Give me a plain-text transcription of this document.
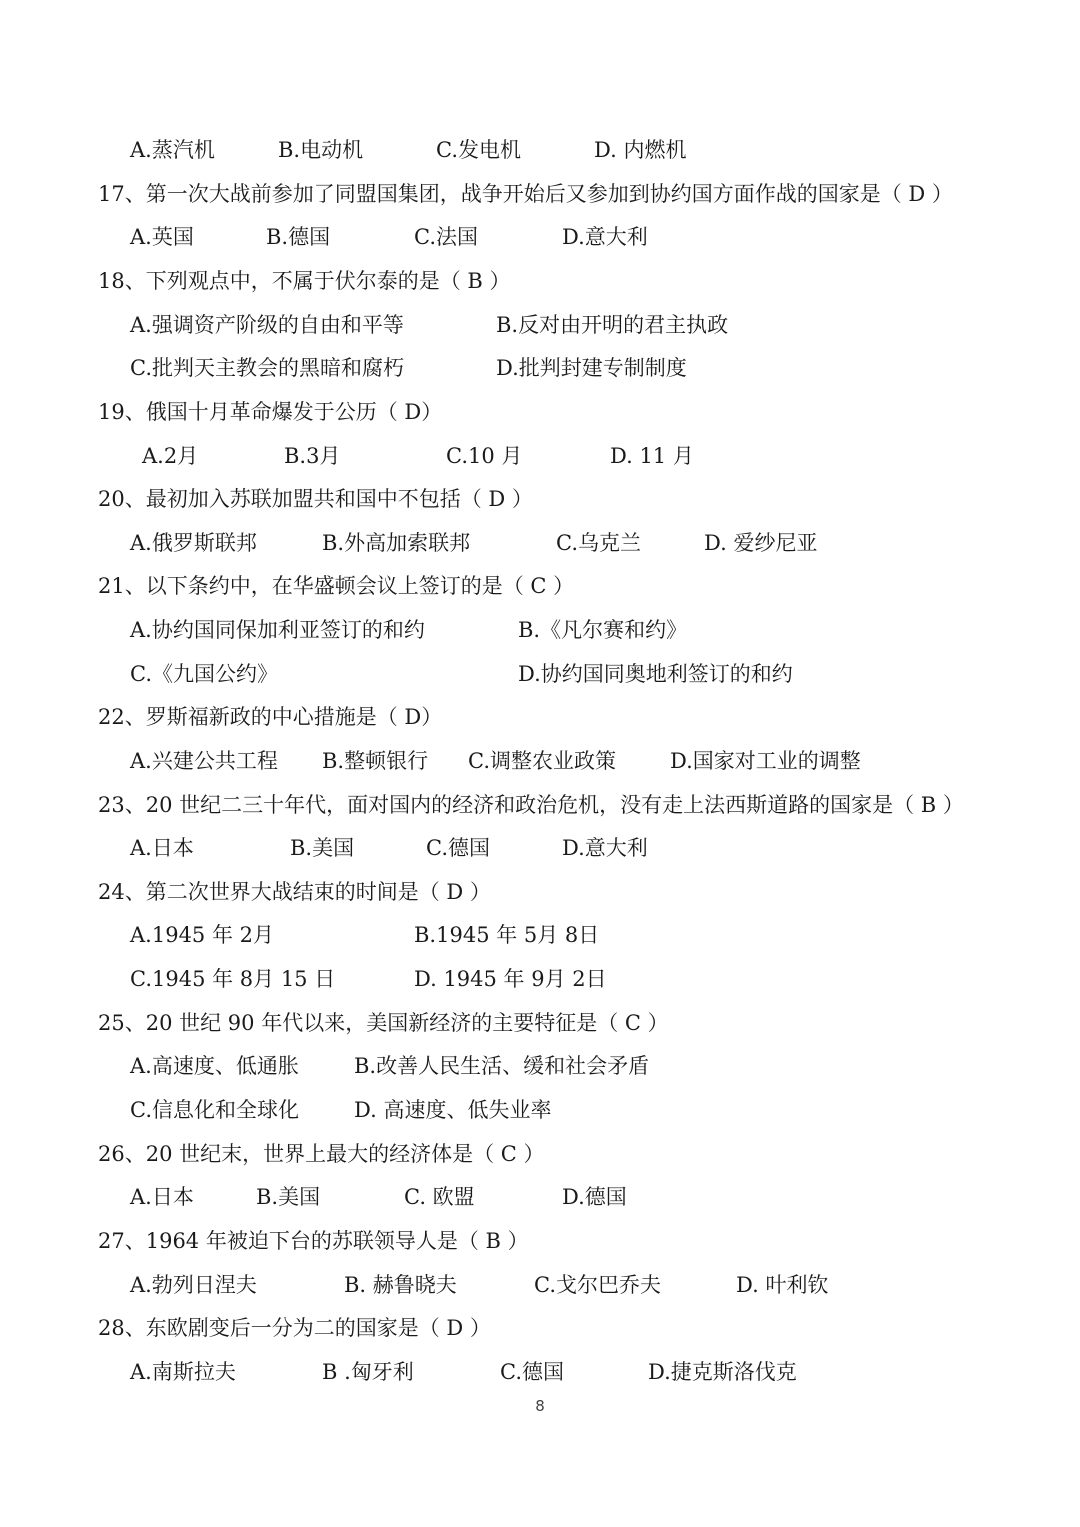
A.蒸汽机	B.电动机	C.发电机	D. 内燃机
17、第一次大战前参加了同盟国集团，战争开始后又参加到协约国方面作战的国家是（ D ）
A.英国	B.德国	C.法国	D.意大利
18、下列观点中，不属于伏尔泰的是（ B ）
A.强调资产阶级的自由和平等	B.反对由开明的君主执政
C.批判天主教会的黑暗和腐朽	D.批判封建专制制度
19、俄国十月革命爆发于公历（ D）
A.2月	B.3月	C.10 月	D. 11 月
20、最初加入苏联加盟共和国中不包括（ D ）
A.俄罗斯联邦	B.外高加索联邦	C.乌克兰	D. 爱纱尼亚
21、以下条约中，在华盛顿会议上签订的是（ C ）
A.协约国同保加利亚签订的和约	B.《凡尔赛和约》
C.《九国公约》	D.协约国同奥地利签订的和约
22、罗斯福新政的中心措施是（ D）
A.兴建公共工程 B.整顿银行 C.调整农业政策	D.国家对工业的调整
23、20 世纪二三十年代，面对国内的经济和政治危机，没有走上法西斯道路的国家是（ B ）
A.日本	B.美国	C.德国	D.意大利
24、第二次世界大战结束的时间是（ D ）
A.1945 年 2月	B.1945 年 5月 8日
C.1945 年 8月 15 日	D. 1945 年 9月 2日
25、20 世纪 90 年代以来，美国新经济的主要特征是（ C ）
A.高速度、低通胀	B.改善人民生活、缓和社会矛盾
C.信息化和全球化	D. 高速度、低失业率
26、20 世纪末，世界上最大的经济体是（ C ）
A.日本	B.美国	C. 欧盟	D.德国
27、1964 年被迫下台的苏联领导人是（ B ）
A.勃列日涅夫	B. 赫鲁晓夫	C.戈尔巴乔夫	D. 叶利钦
28、东欧剧变后一分为二的国家是（ D ）
A.南斯拉夫	B .匈牙利	C.德国	D.捷克斯洛伐克
8
